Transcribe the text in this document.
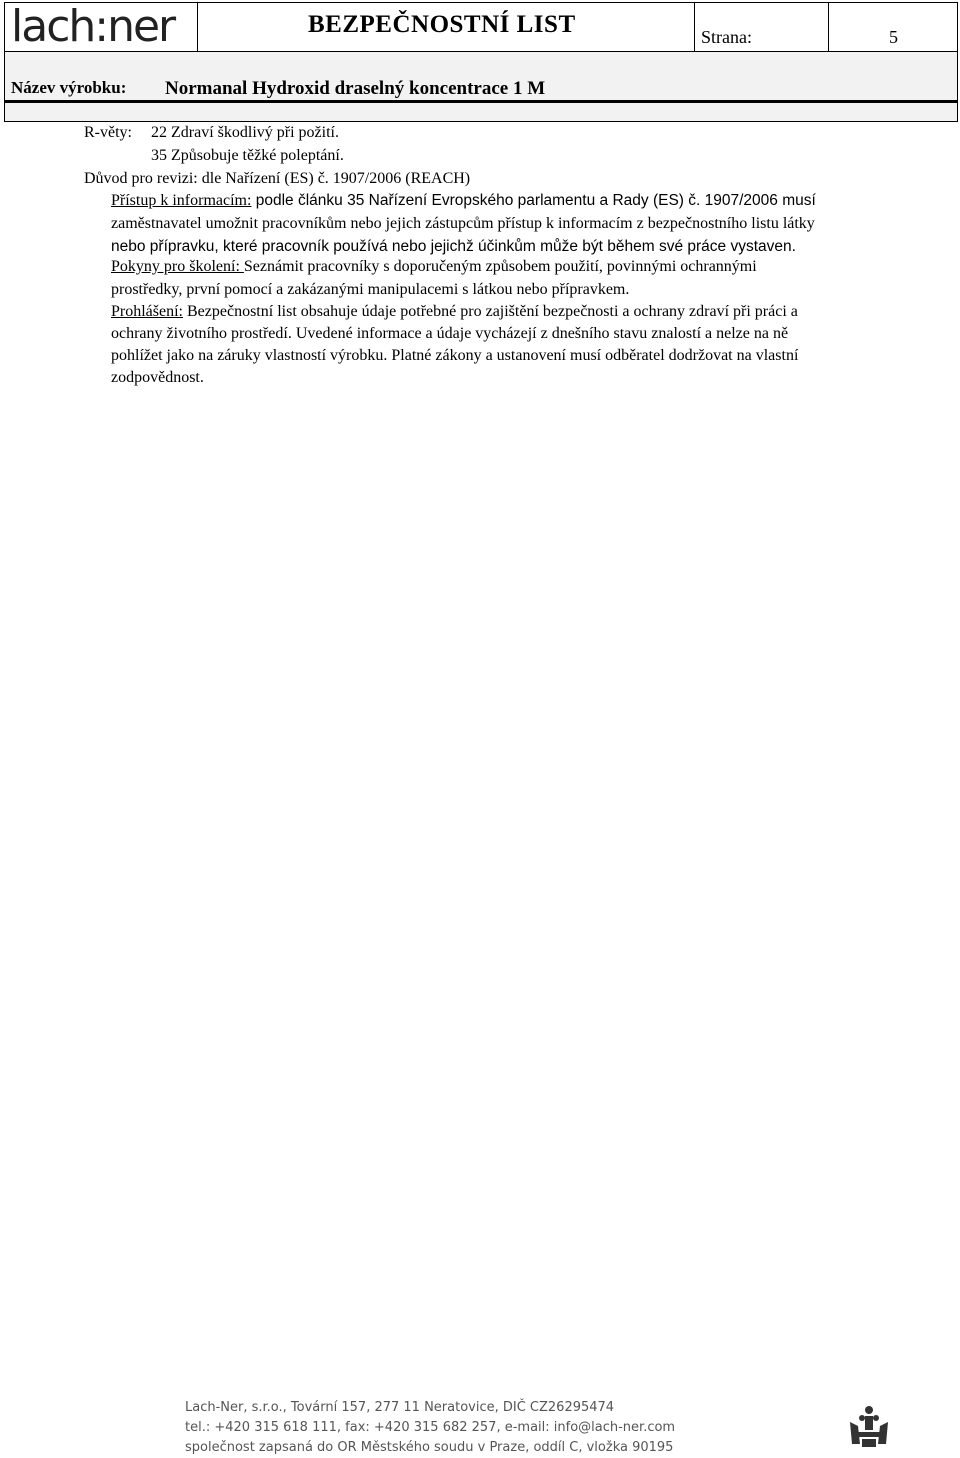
lach:ner	BEZPEČNOSTNÍ LIST	Strana:	5
Název výrobku: Normanal Hydroxid draselný koncentrace 1 M
R-věty: 22 Zdraví škodlivý při požití.
35 Způsobuje těžké poleptání.
Důvod pro revizi: dle Nařízení (ES) č. 1907/2006 (REACH)
Přístup k informacím: podle článku 35 Nařízení Evropského parlamentu a Rady (ES) č. 1907/2006 musí
zaměstnavatel umožnit pracovníkům nebo jejich zástupcům přístup k informacím z bezpečnostního listu látky
nebo přípravku, které pracovník používá nebo jejichž účinkům může být během své práce vystaven.
Pokyny pro školení: Seznámit pracovníky s doporučeným způsobem použití, povinnými ochrannými
prostředky, první pomocí a zakázanými manipulacemi s látkou nebo přípravkem.
Prohlášení: Bezpečnostní list obsahuje údaje potřebné pro zajištění bezpečnosti a ochrany zdraví při práci a
ochrany životního prostředí. Uvedené informace a údaje vycházejí z dnešního stavu znalostí a nelze na ně
pohlížet jako na záruky vlastností výrobku. Platné zákony a ustanovení musí odběratel dodržovat na vlastní
zodpovědnost.
Lach-Ner, s.r.o., Tovární 157, 277 11 Neratovice, DIČ CZ26295474
tel.: +420 315 618 111, fax: +420 315 682 257, e-mail: info@lach-ner.com
společnost zapsaná do OR Městského soudu v Praze, oddíl C, vložka 90195
